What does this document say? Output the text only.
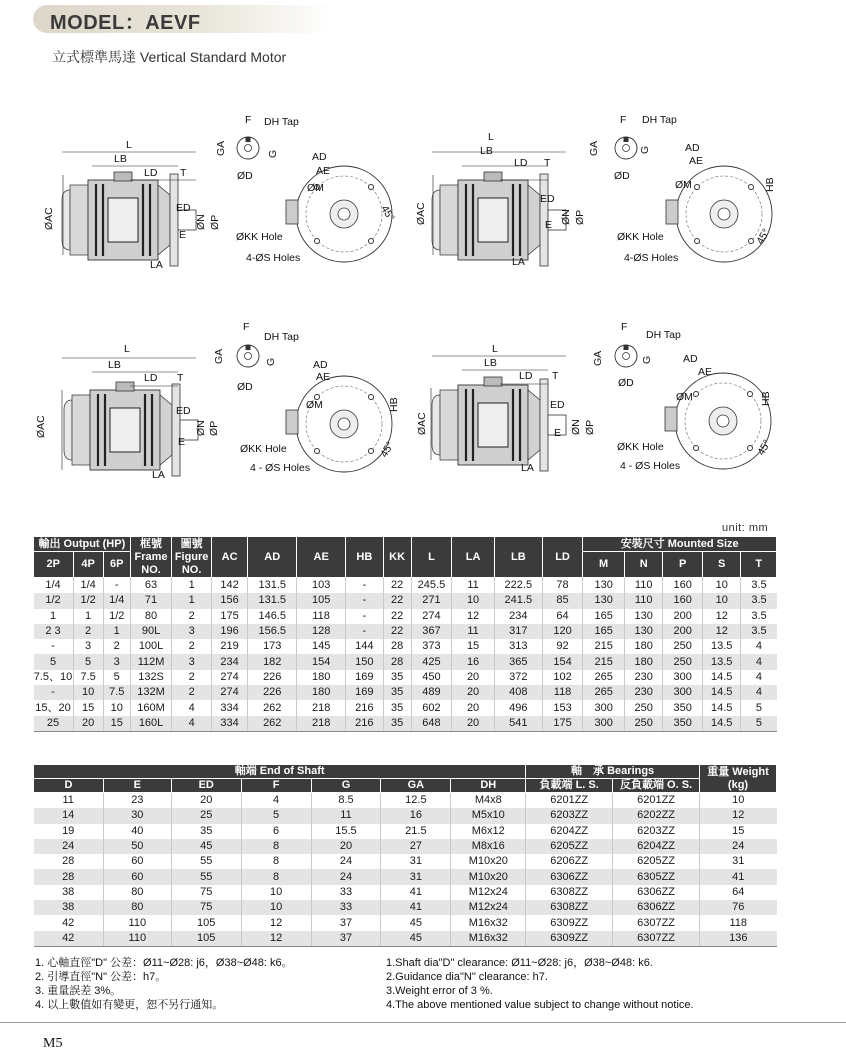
MODEL：AEVF
立式標準馬達 Vertical Standard Motor
L
LB
LD T
ED
E
LA
ØAC	ØN ØP
F DH Tap
GA	G
ØD
AD
AE
ØM
45°
ØKK Hole
4-ØS Holes
L
LB
LD T
ED
E
LA
ØAC	ØN ØP
F DH Tap
GA	G
ØD
AD
AE
ØM	HB
45°
ØKK Hole
4-ØS Holes
L
LB
LD T
ED
E
LA
ØAC	ØN ØP
F
DH Tap
GA	G
ØD
AD
AE
ØM	HB
45°
ØKK Hole
4 - ØS Holes
L
LB
LD T
ED
E
LA
ØAC	ØN ØP
F
DH Tap
GA	G
ØD
AD
AE
ØM	HB
45°
ØKK Hole
4 - ØS Holes
unit: mm
輸出 Output (HP)			框號 Frame NO.	圖號 Figure NO.	AC	AD	AE	HB	KK	L	LA	LB	LD	安裝尺寸 Mounted Size				
2P	4P	6P												M	N	P	S	T
1/4	1/4	-	63	1	142	131.5	103	-	22	245.5	11	222.5	78	130	110	160	10	3.5
1/2	1/2	1/4	71	1	156	131.5	105	-	22	271	10	241.5	85	130	110	160	10	3.5
1	1	1/2	80	2	175	146.5	118	-	22	274	12	234	64	165	130	200	12	3.5
2 3	2	1	90L	3	196	156.5	128	-	22	367	11	317	120	165	130	200	12	3.5
-	3	2	100L	2	219	173	145	144	28	373	15	313	92	215	180	250	13.5	4
5	5	3	112M	3	234	182	154	150	28	425	16	365	154	215	180	250	13.5	4
7.5、10	7.5	5	132S	2	274	226	180	169	35	450	20	372	102	265	230	300	14.5	4
-	10	7.5	132M	2	274	226	180	169	35	489	20	408	118	265	230	300	14.5	4
15、20	15	10	160M	4	334	262	218	216	35	602	20	496	153	300	250	350	14.5	5
25	20	15	160L	4	334	262	218	216	35	648	20	541	175	300	250	350	14.5	5
軸端 End of Shaft							軸　承 Bearings		重量 Weight (kg)
D	E	ED	F	G	GA	DH	負載端 L. S.	反負載端 O. S.	
11	23	20	4	8.5	12.5	M4x8	6201ZZ	6201ZZ	10
14	30	25	5	11	16	M5x10	6203ZZ	6202ZZ	12
19	40	35	6	15.5	21.5	M6x12	6204ZZ	6203ZZ	15
24	50	45	8	20	27	M8x16	6205ZZ	6204ZZ	24
28	60	55	8	24	31	M10x20	6206ZZ	6205ZZ	31
28	60	55	8	24	31	M10x20	6306ZZ	6305ZZ	41
38	80	75	10	33	41	M12x24	6308ZZ	6306ZZ	64
38	80	75	10	33	41	M12x24	6308ZZ	6306ZZ	76
42	110	105	12	37	45	M16x32	6309ZZ	6307ZZ	118
42	110	105	12	37	45	M16x32	6309ZZ	6307ZZ	136
1. 心軸直徑"D" 公差：Ø11~Ø28: j6，Ø38~Ø48: k6。
2. 引導直徑"N" 公差：h7。
3. 重量誤差 3%。
4. 以上數值如有變更，恕不另行通知。
1.Shaft dia"D" clearance: Ø11~Ø28: j6，Ø38~Ø48: k6.
2.Guidance dia"N" clearance: h7.
3.Weight error of 3 %.
4.The above mentioned value subject to change without notice.
M5
